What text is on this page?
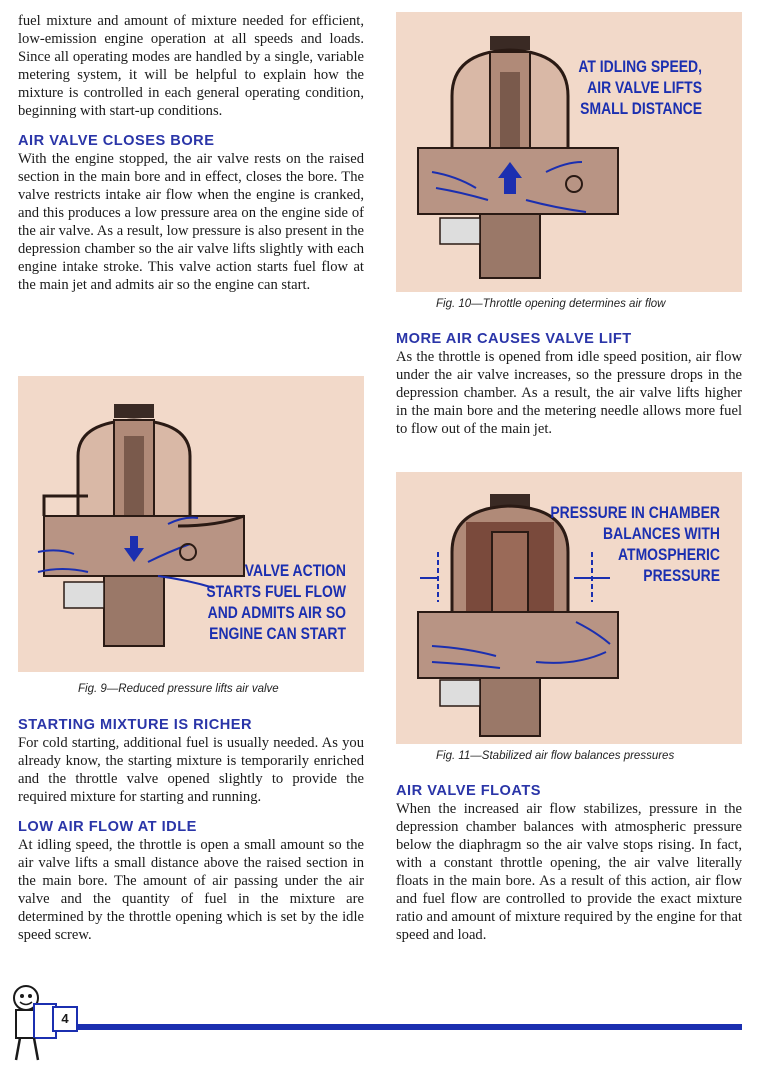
fuel mixture and amount of mixture needed for efficient, low-emission engine operation at all speeds and loads. Since all operating modes are handled by a single, variable metering system, it will be helpful to explain how the mixture is controlled in each general operating condition, beginning with start-up conditions.

AIR VALVE CLOSES BORE

With the engine stopped, the air valve rests on the raised section in the main bore and in effect, closes the bore. The valve restricts intake air flow when the engine is cranked, and this produces a low pressure area on the engine side of the air valve. As a result, low pressure is also present in the depression chamber so the air valve lifts slightly with each engine intake stroke. This valve action starts fuel flow at the main jet and admits air so the engine can start.

VALVE ACTION
STARTS FUEL FLOW
AND ADMITS AIR SO
ENGINE CAN START
Fig. 9—Reduced pressure lifts air valve

STARTING MIXTURE IS RICHER

For cold starting, additional fuel is usually needed. As you already know, the starting mixture is temporarily enriched and the throttle valve opened slightly to provide the required mixture for starting and running.

LOW AIR FLOW AT IDLE

At idling speed, the throttle is open a small amount so the air valve lifts a small distance above the raised section in the main bore. The amount of air passing under the air valve and the quantity of fuel in the mixture are determined by the throttle opening which is set by the idle speed screw.

AT IDLING SPEED,
AIR VALVE LIFTS
SMALL DISTANCE
Fig. 10—Throttle opening determines air flow

MORE AIR CAUSES VALVE LIFT

As the throttle is opened from idle speed position, air flow under the air valve increases, so the pressure drops in the depression chamber. As a result, the air valve lifts higher in the main bore and the metering needle allows more fuel to flow out of the main jet.

PRESSURE IN CHAMBER
BALANCES WITH
ATMOSPHERIC
PRESSURE
Fig. 11—Stabilized air flow balances pressures

AIR VALVE FLOATS

When the increased air flow stabilizes, pressure in the depression chamber balances with atmospheric pressure below the diaphragm so the air valve stops rising. In fact, with a constant throttle opening, the air valve literally floats in the main bore. As a result of this action, air flow and fuel flow are controlled to provide the exact mixture ratio and amount of mixture required by the engine for that speed and load.

4
